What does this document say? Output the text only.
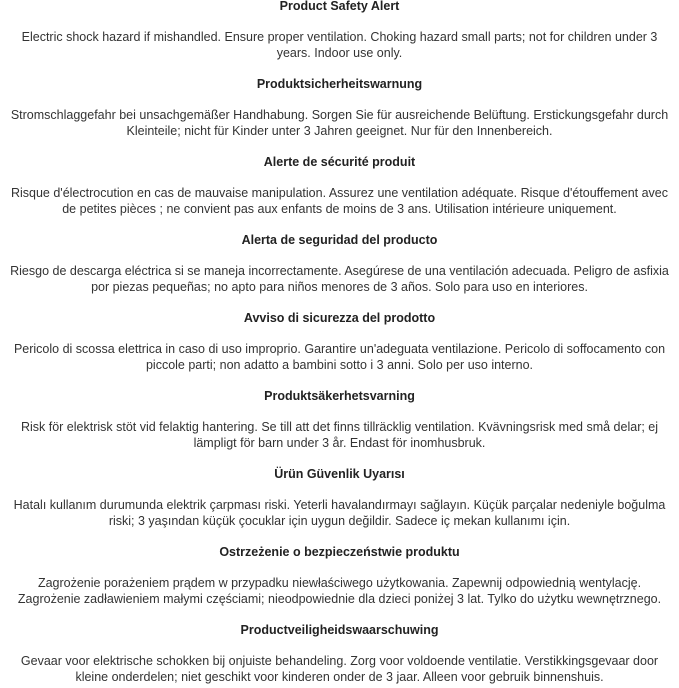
Product Safety Alert
Electric shock hazard if mishandled. Ensure proper ventilation. Choking hazard small parts; not for children under 3
years. Indoor use only.
Produktsicherheitswarnung
Stromschlaggefahr bei unsachgemäßer Handhabung. Sorgen Sie für ausreichende Belüftung. Erstickungsgefahr durch
Kleinteile; nicht für Kinder unter 3 Jahren geeignet. Nur für den Innenbereich.
Alerte de sécurité produit
Risque d'électrocution en cas de mauvaise manipulation. Assurez une ventilation adéquate. Risque d'étouffement avec
de petites pièces ; ne convient pas aux enfants de moins de 3 ans. Utilisation intérieure uniquement.
Alerta de seguridad del producto
Riesgo de descarga eléctrica si se maneja incorrectamente. Asegúrese de una ventilación adecuada. Peligro de asfixia
por piezas pequeñas; no apto para niños menores de 3 años. Solo para uso en interiores.
Avviso di sicurezza del prodotto
Pericolo di scossa elettrica in caso di uso improprio. Garantire un'adeguata ventilazione. Pericolo di soffocamento con
piccole parti; non adatto a bambini sotto i 3 anni. Solo per uso interno.
Produktsäkerhetsvarning
Risk för elektrisk stöt vid felaktig hantering. Se till att det finns tillräcklig ventilation. Kvävningsrisk med små delar; ej
lämpligt för barn under 3 år. Endast för inomhusbruk.
Ürün Güvenlik Uyarısı
Hatalı kullanım durumunda elektrik çarpması riski. Yeterli havalandırmayı sağlayın. Küçük parçalar nedeniyle boğulma
riski; 3 yaşından küçük çocuklar için uygun değildir. Sadece iç mekan kullanımı için.
Ostrzeżenie o bezpieczeństwie produktu
Zagrożenie porażeniem prądem w przypadku niewłaściwego użytkowania. Zapewnij odpowiednią wentylację.
Zagrożenie zadławieniem małymi częściami; nieodpowiednie dla dzieci poniżej 3 lat. Tylko do użytku wewnętrznego.
Productveiligheidswaarschuwing
Gevaar voor elektrische schokken bij onjuiste behandeling. Zorg voor voldoende ventilatie. Verstikkingsgevaar door
kleine onderdelen; niet geschikt voor kinderen onder de 3 jaar. Alleen voor gebruik binnenshuis.
